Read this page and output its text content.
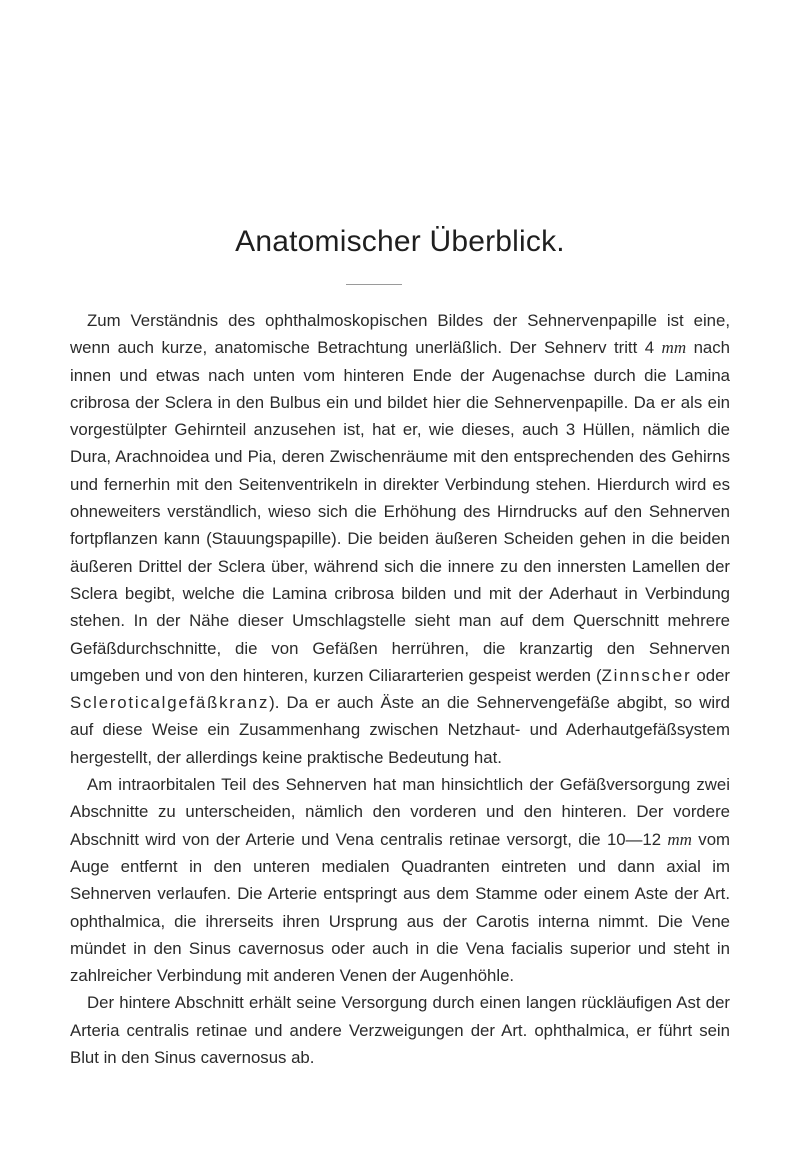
Anatomischer Überblick.

Zum Verständnis des ophthalmoskopischen Bildes der Sehnervenpapille ist eine, wenn auch kurze, anatomische Betrachtung unerläßlich. Der Sehnerv tritt 4 mm nach innen und etwas nach unten vom hinteren Ende der Augenachse durch die Lamina cribrosa der Sclera in den Bulbus ein und bildet hier die Sehnervenpapille. Da er als ein vorgestülpter Gehirnteil anzusehen ist, hat er, wie dieses, auch 3 Hüllen, nämlich die Dura, Arachnoidea und Pia, deren Zwischenräume mit den entsprechenden des Gehirns und fernerhin mit den Seitenventrikeln in direkter Verbindung stehen. Hierdurch wird es ohneweiters verständlich, wieso sich die Erhöhung des Hirndrucks auf den Sehnerven fortpflanzen kann (Stauungspapille). Die beiden äußeren Scheiden gehen in die beiden äußeren Drittel der Sclera über, während sich die innere zu den innersten Lamellen der Sclera begibt, welche die Lamina cribrosa bilden und mit der Aderhaut in Verbindung stehen. In der Nähe dieser Umschlagstelle sieht man auf dem Querschnitt mehrere Gefäßdurchschnitte, die von Gefäßen herrühren, die kranzartig den Sehnerven umgeben und von den hinteren, kurzen Ciliararterien gespeist werden (Zinnscher oder Scleroticalgefäßkranz). Da er auch Äste an die Sehnervengefäße abgibt, so wird auf diese Weise ein Zusammenhang zwischen Netzhaut- und Aderhautgefäßsystem hergestellt, der allerdings keine praktische Bedeutung hat.

Am intraorbitalen Teil des Sehnerven hat man hinsichtlich der Gefäßversorgung zwei Abschnitte zu unterscheiden, nämlich den vorderen und den hinteren. Der vordere Abschnitt wird von der Arterie und Vena centralis retinae versorgt, die 10—12 mm vom Auge entfernt in den unteren medialen Quadranten eintreten und dann axial im Sehnerven verlaufen. Die Arterie entspringt aus dem Stamme oder einem Aste der Art. ophthalmica, die ihrerseits ihren Ursprung aus der Carotis interna nimmt. Die Vene mündet in den Sinus cavernosus oder auch in die Vena facialis superior und steht in zahlreicher Verbindung mit anderen Venen der Augenhöhle.

Der hintere Abschnitt erhält seine Versorgung durch einen langen rückläufigen Ast der Arteria centralis retinae und andere Verzweigungen der Art. ophthalmica, er führt sein Blut in den Sinus cavernosus ab.
